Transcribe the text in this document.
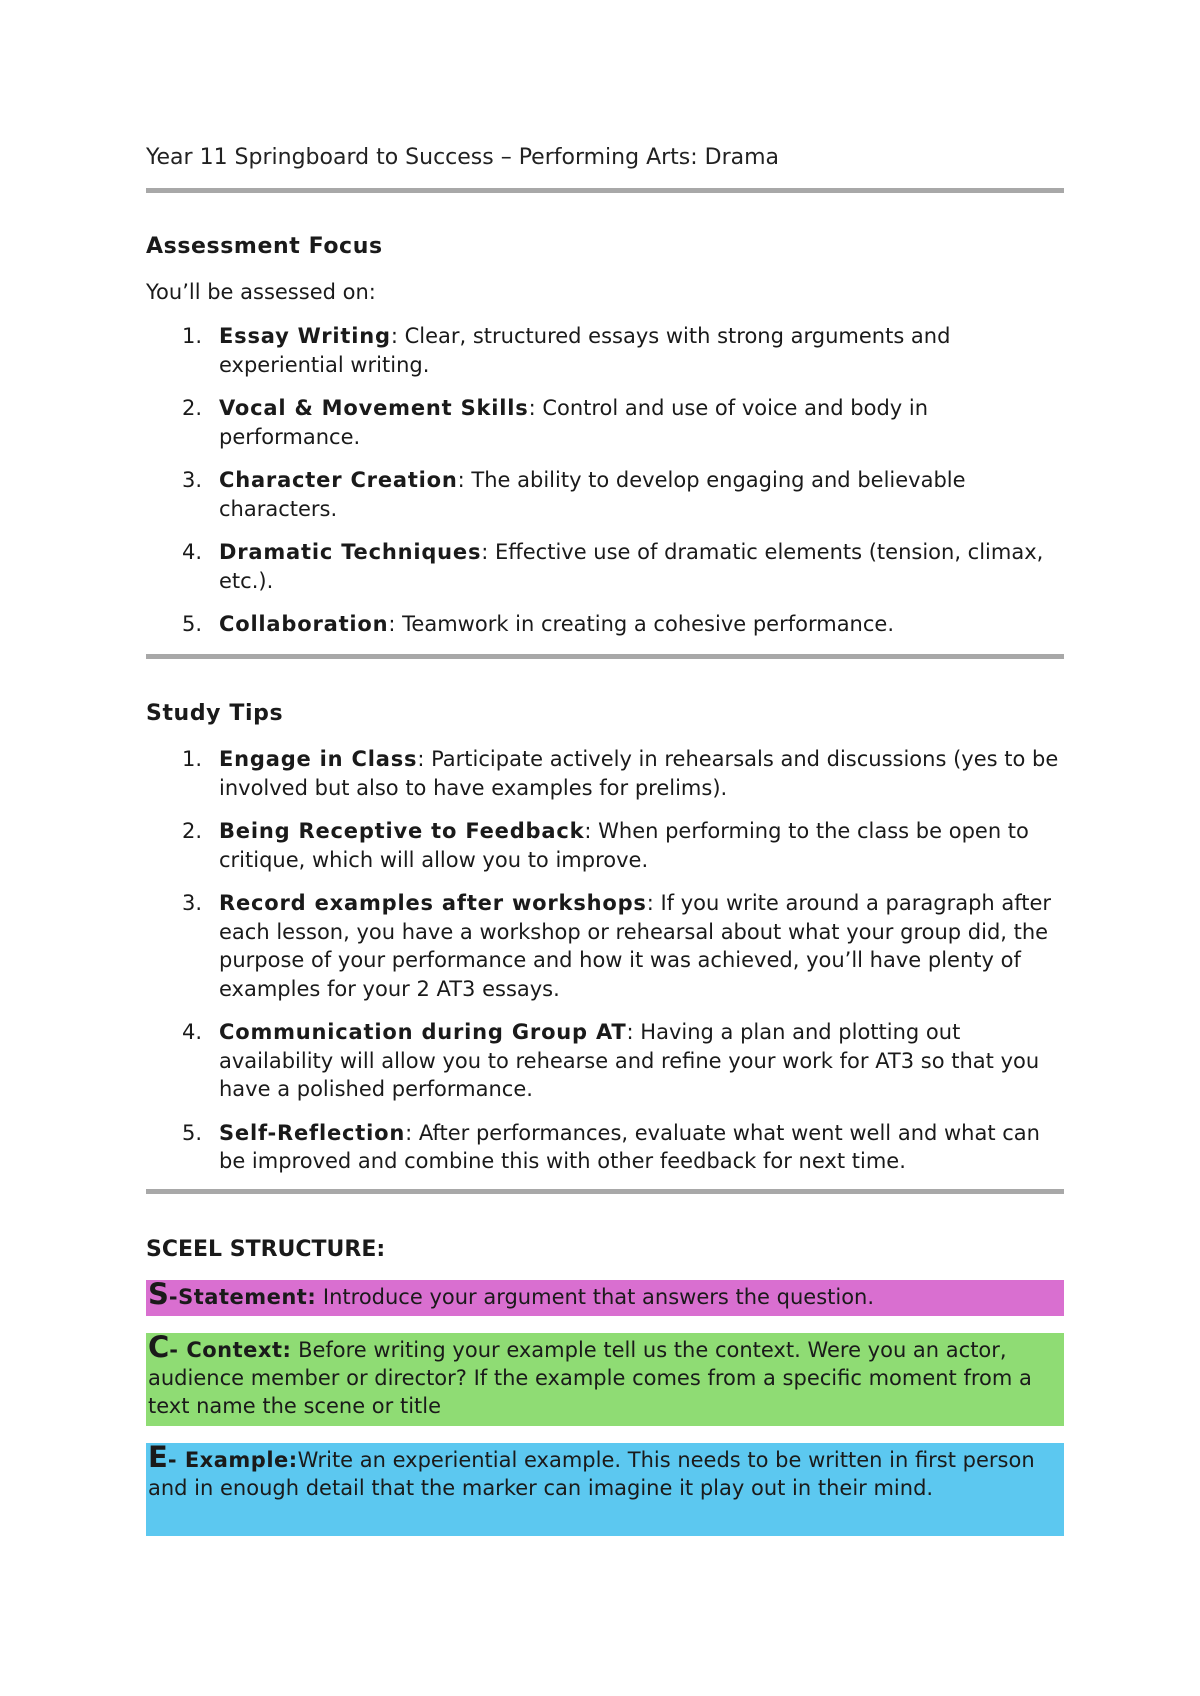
Year 11 Springboard to Success – Performing Arts: Drama
Assessment Focus
You’ll be assessed on:
1. Essay Writing: Clear, structured essays with strong arguments and experiential writing.
2. Vocal & Movement Skills: Control and use of voice and body in performance.
3. Character Creation: The ability to develop engaging and believable characters.
4. Dramatic Techniques: Effective use of dramatic elements (tension, climax, etc.).
5. Collaboration: Teamwork in creating a cohesive performance.
Study Tips
1. Engage in Class: Participate actively in rehearsals and discussions (yes to be involved but also to have examples for prelims).
2. Being Receptive to Feedback: When performing to the class be open to critique, which will allow you to improve.
3. Record examples after workshops: If you write around a paragraph after each lesson, you have a workshop or rehearsal about what your group did, the purpose of your performance and how it was achieved, you’ll have plenty of examples for your 2 AT3 essays.
4. Communication during Group AT: Having a plan and plotting out availability will allow you to rehearse and refine your work for AT3 so that you have a polished performance.
5. Self-Reflection: After performances, evaluate what went well and what can be improved and combine this with other feedback for next time.
SCEEL STRUCTURE:
S-Statement: Introduce your argument that answers the question.
C- Context: Before writing your example tell us the context. Were you an actor, audience member or director? If the example comes from a specific moment from a text name the scene or title
E- Example:Write an experiential example. This needs to be written in first person and in enough detail that the marker can imagine it play out in their mind.
